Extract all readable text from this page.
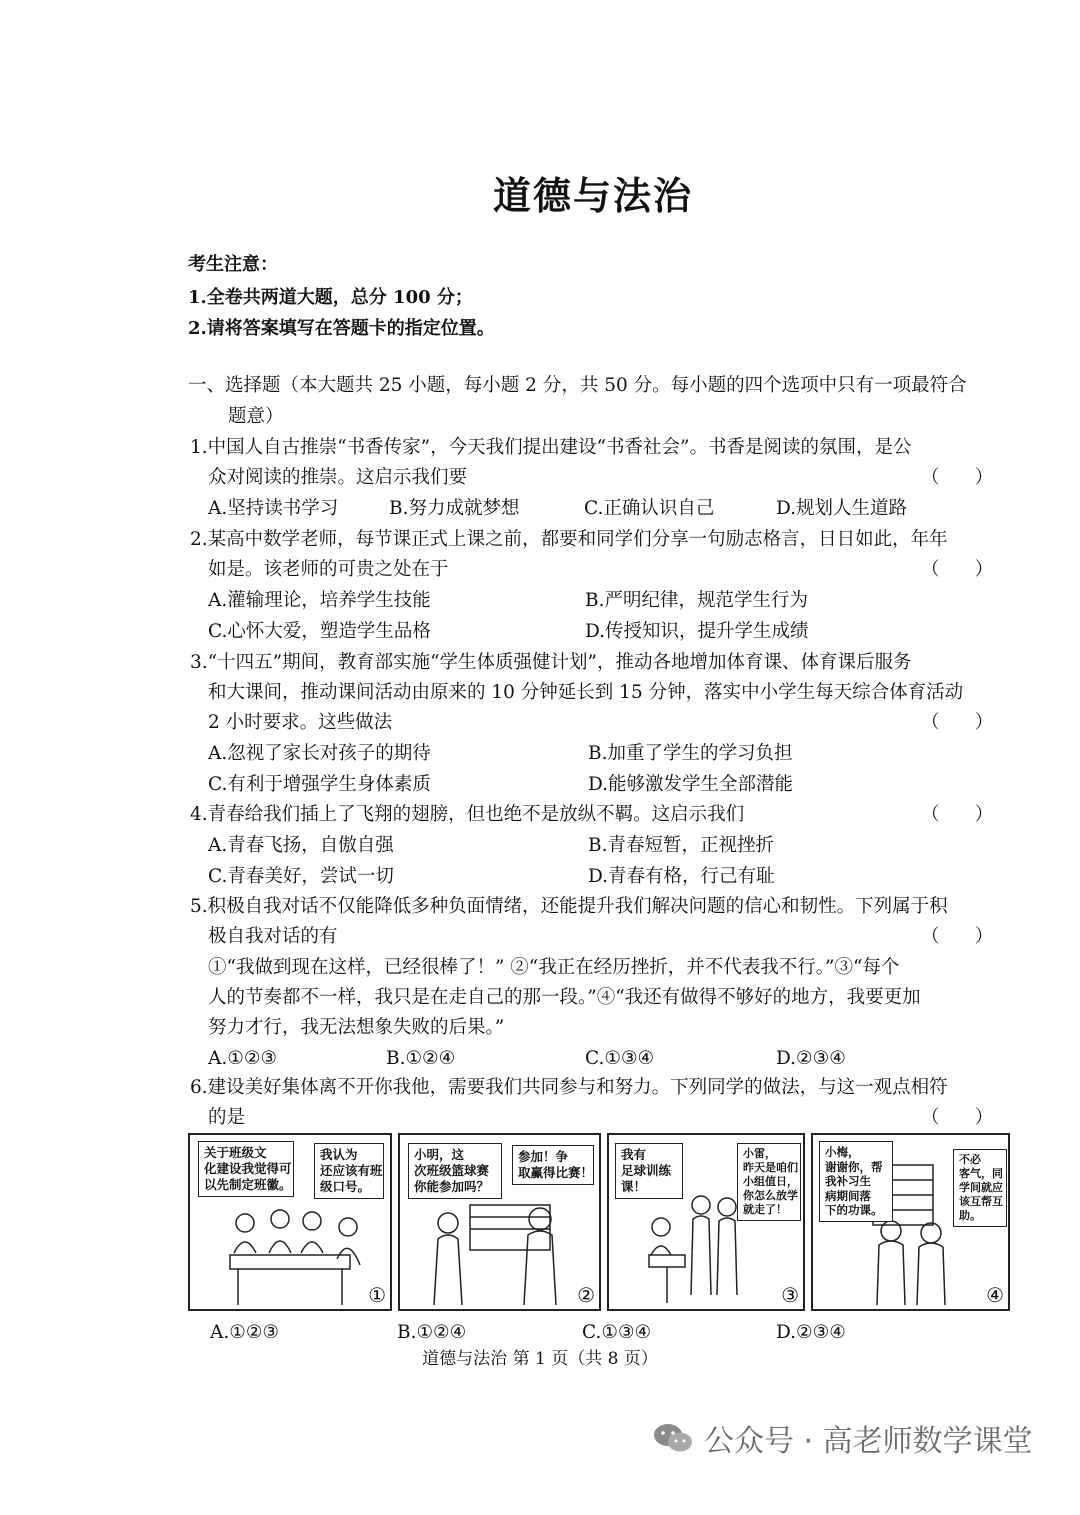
道德与法治
考生注意：
1.全卷共两道大题，总分 100 分；
2.请将答案填写在答题卡的指定位置。
一、选择题（本大题共 25 小题，每小题 2 分，共 50 分。每小题的四个选项中只有一项最符合
题意）
1.中国人自古推崇“书香传家”，今天我们提出建设“书香社会”。书香是阅读的氛围，是公
众对阅读的推崇。这启示我们要	（      ）
A.坚持读书学习	B.努力成就梦想	C.正确认识自己	D.规划人生道路
2.某高中数学老师，每节课正式上课之前，都要和同学们分享一句励志格言，日日如此，年年
如是。该老师的可贵之处在于	（      ）
A.灌输理论，培养学生技能	B.严明纪律，规范学生行为
C.心怀大爱，塑造学生品格	D.传授知识，提升学生成绩
3.“十四五”期间，教育部实施“学生体质强健计划”，推动各地增加体育课、体育课后服务
和大课间，推动课间活动由原来的 10 分钟延长到 15 分钟，落实中小学生每天综合体育活动
2 小时要求。这些做法	（      ）
A.忽视了家长对孩子的期待	B.加重了学生的学习负担
C.有利于增强学生身体素质	D.能够激发学生全部潜能
4.青春给我们插上了飞翔的翅膀，但也绝不是放纵不羁。这启示我们	（      ）
A.青春飞扬，自傲自强	B.青春短暂，正视挫折
C.青春美好，尝试一切	D.青春有格，行己有耻
5.积极自我对话不仅能降低多种负面情绪，还能提升我们解决问题的信心和韧性。下列属于积
极自我对话的有	（      ）
①“我做到现在这样，已经很棒了！” ②“我正在经历挫折，并不代表我不行。”③“每个
人的节奏都不一样，我只是在走自己的那一段。”④“我还有做得不够好的地方，我要更加
努力才行，我无法想象失败的后果。”
A.①②③	B.①②④	C.①③④	D.②③④
6.建设美好集体离不开你我他，需要我们共同参与和努力。下列同学的做法，与这一观点相符
的是	（      ）
关于班级文
化建设我觉得可
以先制定班徽。
我认为
还应该有班
级口号。
①
小明，这
次班级篮球赛
你能参加吗？
参加！争
取赢得比赛！
②
我有
足球训练
课！
小雷，
昨天是咱们
小组值日，
你怎么放学
就走了！
③
小梅，
谢谢你，帮
我补习生
病期间落
下的功课。
不必
客气，同
学间就应
该互帮互
助。
④
A.①②③	B.①②④	C.①③④	D.②③④
道德与法治 第 1 页（共 8 页）
公众号 · 高老师数学课堂
